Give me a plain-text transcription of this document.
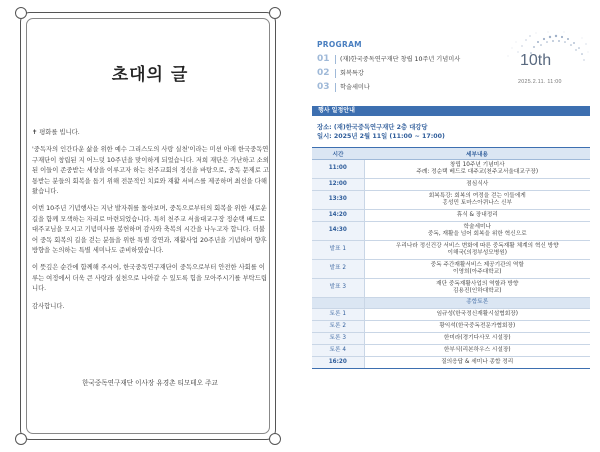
초대의 글

✝ 평화를 빕니다.

'중독자의 인간다운 삶을 위한 예수 그리스도의 사랑 실천'이라는 미션 아래 한국중독연구재단이 창립된 지 어느덧 10주년을 맞이하게 되었습니다. 저희 재단은 가난하고 소외된 이들이 존중받는 세상을 이루고자 하는 천주교회의 정신을 바탕으로, 중독 문제로 고통받는 분들의 회복을 돕기 위해 전문적인 치료와 재활 서비스를 제공하며 최선을 다해왔습니다.

이번 10주년 기념행사는 지난 발자취를 돌아보며, 중독으로부터의 회복을 위한 새로운 길을 함께 모색하는 자리로 마련되었습니다. 특히 천주교 서울대교구장 정순택 베드로 대주교님을 모시고 기념미사를 봉헌하며 감사와 축복의 시간을 나누고자 합니다. 더불어 중독 회복의 길을 걷는 분들을 위한 특별 강연과, 재활사업 20주년을 기념하며 향후 방향을 논의하는 특별 세미나도 준비하였습니다.

이 뜻깊은 순간에 함께해 주시어, 한국중독연구재단이 중독으로부터 안전한 사회를 이루는 여정에서 더욱 큰 사랑과 실천으로 나아갈 수 있도록 힘을 모아주시기를 부탁드립니다.

감사합니다.

한국중독연구재단 이사장 유경촌 티모테오 주교
PROGRAM
01	(재)한국중독연구재단 창립 10주년 기념미사
02	회복특강
03	학술세미나
10th
2025.2.11. 11:00
행사 일정안내
장소: (재)한국중독연구재단 2층 대강당
일시: 2025년 2월 11일 (11:00 ~ 17:00)
시간	세부내용
11:00	창립 10주년 기념미사
주례: 정순택 베드로 대주교(천주교서울대교구장)

12:00	점심식사

13:30	회복특강: 회복의 여정을 걷는 이들에게
홍성민 토마스아퀴나스 신부

14:20	휴식 & 장내정리

14:30	학술세미나
중독, 재활을 넘어 회복을 위한 혁신으로

발표 1	우리나라 정신건강 서비스 변화에 따른 중독재활 체계의 혁신 방향
이해국(의정부성모병원)

발표 2	중독 주간재활서비스 제공기관의 역할
이영희(아주대학교)

발표 3	재단 중독재활사업의 역할과 방향
김용진(인하대학교)

	종합토론

토론 1	임규성(한국정신재활시설협회장)

토론 2	황익석(한국중독전문가협회장)

토론 3	한미라(경기다사모 시설장)

토론 4	한부식(리본하우스 시설장)

16:20	질의응답 & 세미나 종합 정리
